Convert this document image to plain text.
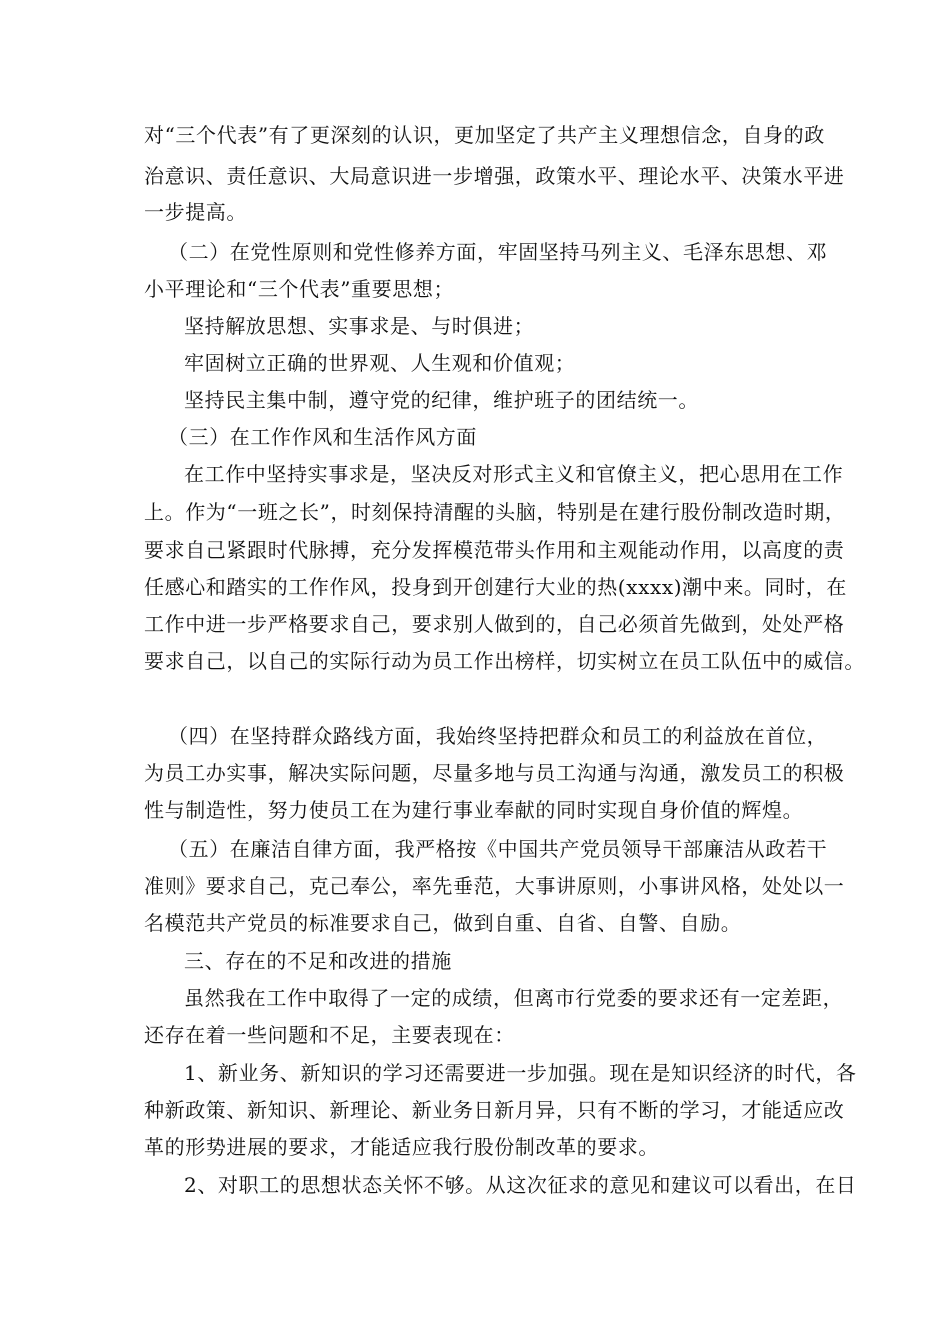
对“三个代表”有了更深刻的认识，更加坚定了共产主义理想信念，自身的政
治意识、责任意识、大局意识进一步增强，政策水平、理论水平、决策水平进
一步提高。
（二）在党性原则和党性修养方面，牢固坚持马列主义、毛泽东思想、邓
小平理论和“三个代表”重要思想；
坚持解放思想、实事求是、与时俱进；
牢固树立正确的世界观、人生观和价值观；
坚持民主集中制，遵守党的纪律，维护班子的团结统一。
（三）在工作作风和生活作风方面
在工作中坚持实事求是，坚决反对形式主义和官僚主义，把心思用在工作
上。作为“一班之长”，时刻保持清醒的头脑，特别是在建行股份制改造时期，
要求自己紧跟时代脉搏，充分发挥模范带头作用和主观能动作用，以高度的责
任感心和踏实的工作作风，投身到开创建行大业的热(xxxx)潮中来。同时，在
工作中进一步严格要求自己，要求别人做到的，自己必须首先做到，处处严格
要求自己，以自己的实际行动为员工作出榜样，切实树立在员工队伍中的威信。
（四）在坚持群众路线方面，我始终坚持把群众和员工的利益放在首位，
为员工办实事，解决实际问题，尽量多地与员工沟通与沟通，激发员工的积极
性与制造性，努力使员工在为建行事业奉献的同时实现自身价值的辉煌。
（五）在廉洁自律方面，我严格按《中国共产党员领导干部廉洁从政若干
准则》要求自己，克己奉公，率先垂范，大事讲原则，小事讲风格，处处以一
名模范共产党员的标准要求自己，做到自重、自省、自警、自励。
三、存在的不足和改进的措施
虽然我在工作中取得了一定的成绩，但离市行党委的要求还有一定差距，
还存在着一些问题和不足，主要表现在：
1、新业务、新知识的学习还需要进一步加强。现在是知识经济的时代，各
种新政策、新知识、新理论、新业务日新月异，只有不断的学习，才能适应改
革的形势进展的要求，才能适应我行股份制改革的要求。
2、对职工的思想状态关怀不够。从这次征求的意见和建议可以看出，在日
